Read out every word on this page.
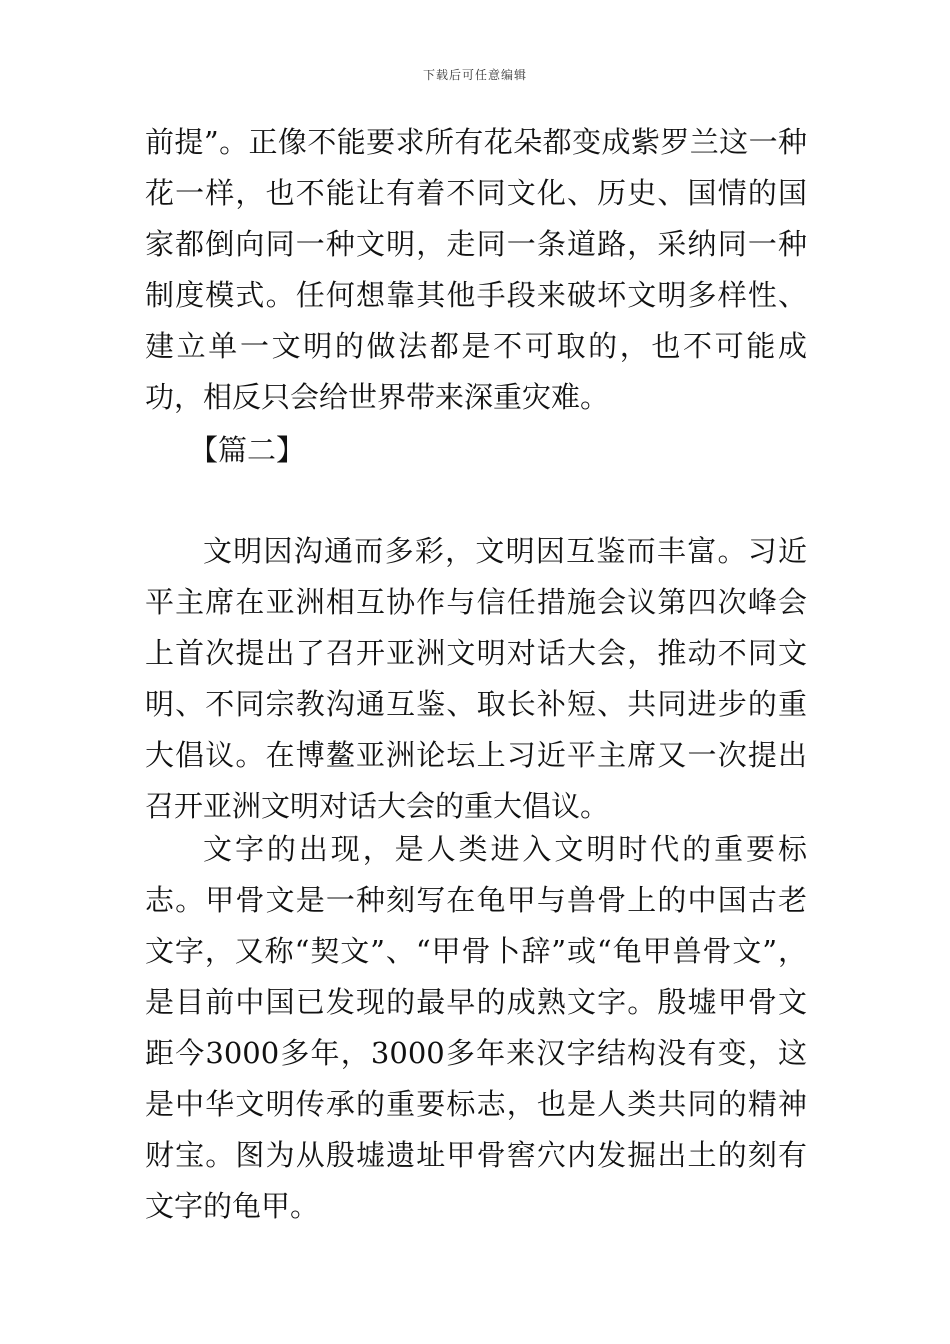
下载后可任意编辑

前提”。正像不能要求所有花朵都变成紫罗兰这一种花一样，也不能让有着不同文化、历史、国情的国家都倒向同一种文明，走同一条道路，采纳同一种制度模式。任何想靠其他手段来破坏文明多样性、建立单一文明的做法都是不可取的，也不可能成功，相反只会给世界带来深重灾难。

【篇二】

文明因沟通而多彩，文明因互鉴而丰富。习近平主席在亚洲相互协作与信任措施会议第四次峰会上首次提出了召开亚洲文明对话大会，推动不同文明、不同宗教沟通互鉴、取长补短、共同进步的重大倡议。在博鳌亚洲论坛上习近平主席又一次提出召开亚洲文明对话大会的重大倡议。

文字的出现，是人类进入文明时代的重要标志。甲骨文是一种刻写在龟甲与兽骨上的中国古老文字，又称“契文”、“甲骨卜辞”或“龟甲兽骨文”，是目前中国已发现的最早的成熟文字。殷墟甲骨文距今3000多年，3000多年来汉字结构没有变，这是中华文明传承的重要标志，也是人类共同的精神财宝。图为从殷墟遗址甲骨窖穴内发掘出土的刻有文字的龟甲。
